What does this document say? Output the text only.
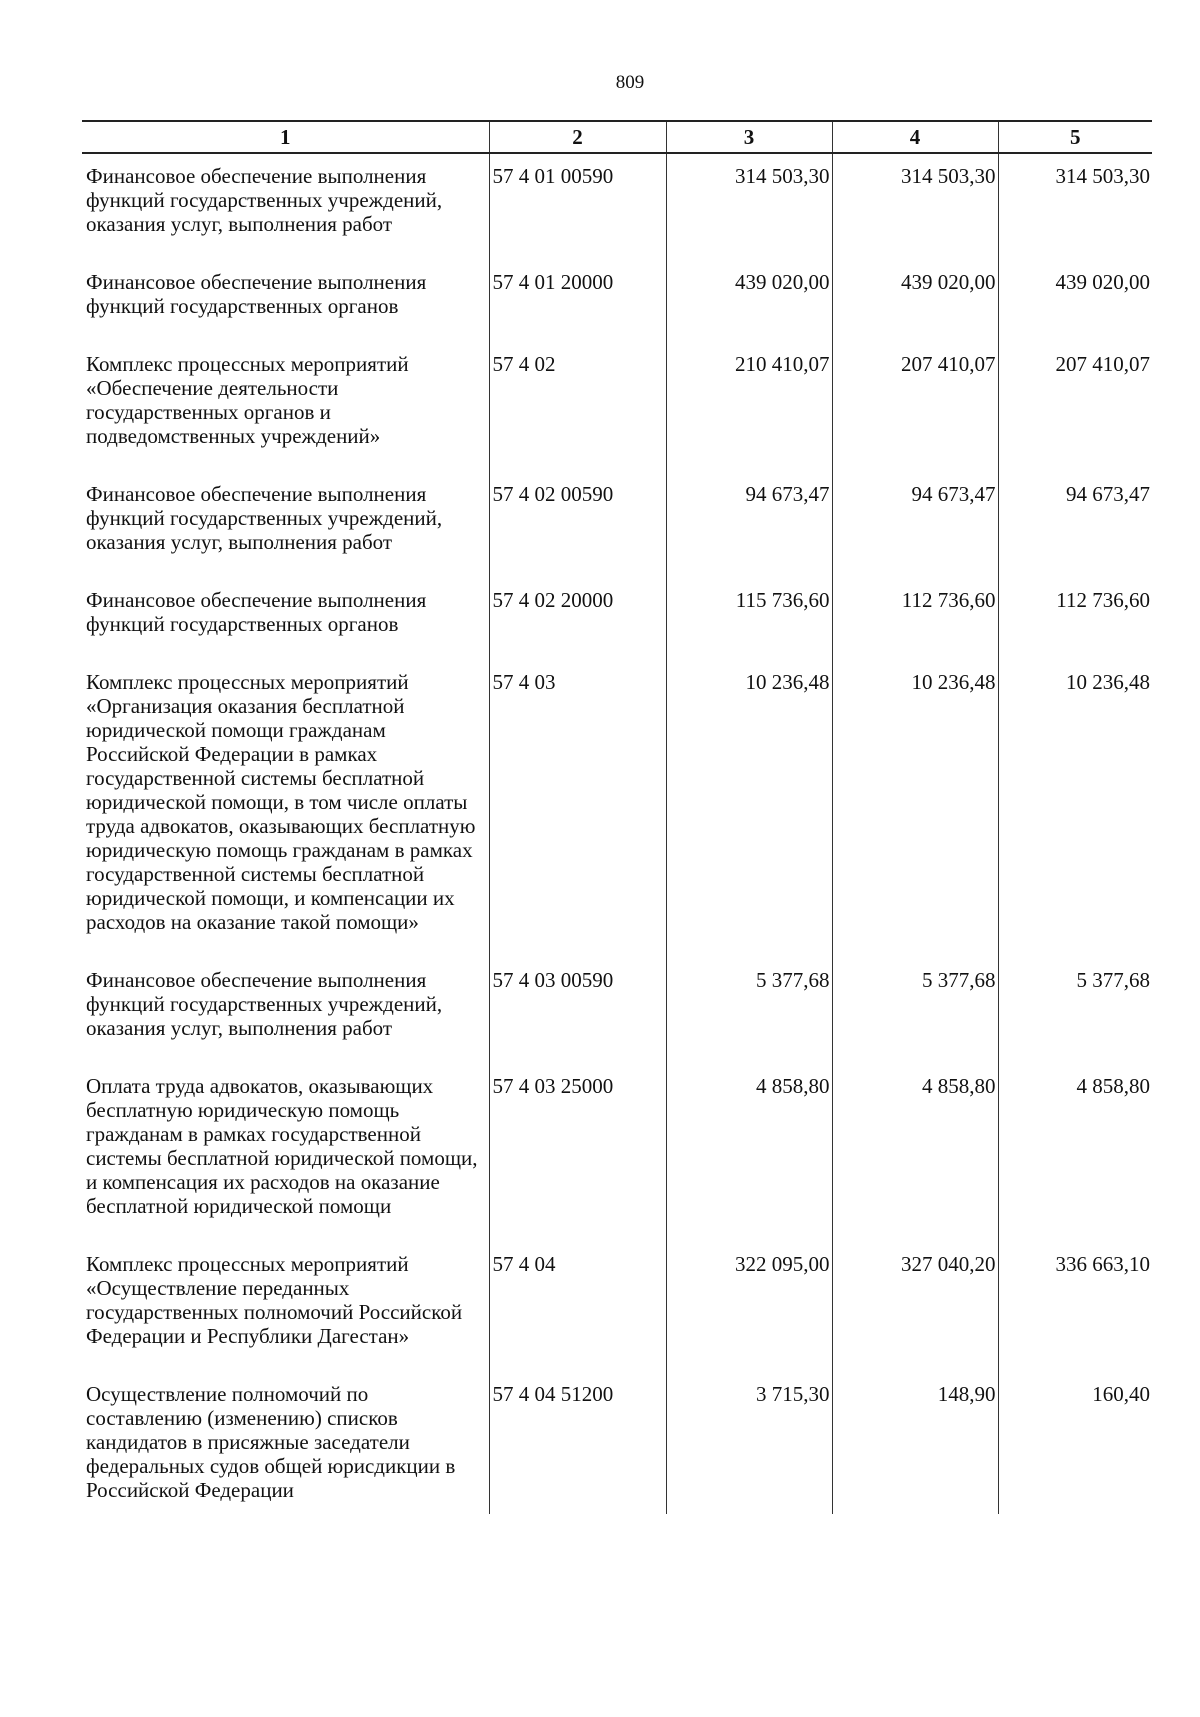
809
1	2	3	4	5

Финансовое обеспечение выполнения функций государственных учреждений, оказания услуг, выполнения работ	57 4 01 00590	314 503,30	314 503,30	314 503,30

Финансовое обеспечение выполнения функций государственных органов	57 4 01 20000	439 020,00	439 020,00	439 020,00

Комплекс процессных мероприятий «Обеспечение деятельности государственных органов и подведомственных учреждений»	57 4 02	210 410,07	207 410,07	207 410,07

Финансовое обеспечение выполнения функций государственных учреждений, оказания услуг, выполнения работ	57 4 02 00590	94 673,47	94 673,47	94 673,47

Финансовое обеспечение выполнения функций государственных органов	57 4 02 20000	115 736,60	112 736,60	112 736,60

Комплекс процессных мероприятий «Организация оказания бесплатной юридической помощи гражданам Российской Федерации в рамках государственной системы бесплатной юридической помощи, в том числе оплаты труда адвокатов, оказывающих бесплатную юридическую помощь гражданам в рамках государственной системы бесплатной юридической помощи, и компенсации их расходов на оказание такой помощи»	57 4 03	10 236,48	10 236,48	10 236,48

Финансовое обеспечение выполнения функций государственных учреждений, оказания услуг, выполнения работ	57 4 03 00590	5 377,68	5 377,68	5 377,68

Оплата труда адвокатов, оказывающих бесплатную юридическую помощь гражданам в рамках государственной системы бесплатной юридической помощи, и компенсация их расходов на оказание бесплатной юридической помощи	57 4 03 25000	4 858,80	4 858,80	4 858,80

Комплекс процессных мероприятий «Осуществление переданных государственных полномочий Российской Федерации и Республики Дагестан»	57 4 04	322 095,00	327 040,20	336 663,10

Осуществление полномочий по составлению (изменению) списков кандидатов в присяжные заседатели федеральных судов общей юрисдикции в Российской Федерации	57 4 04 51200	3 715,30	148,90	160,40
